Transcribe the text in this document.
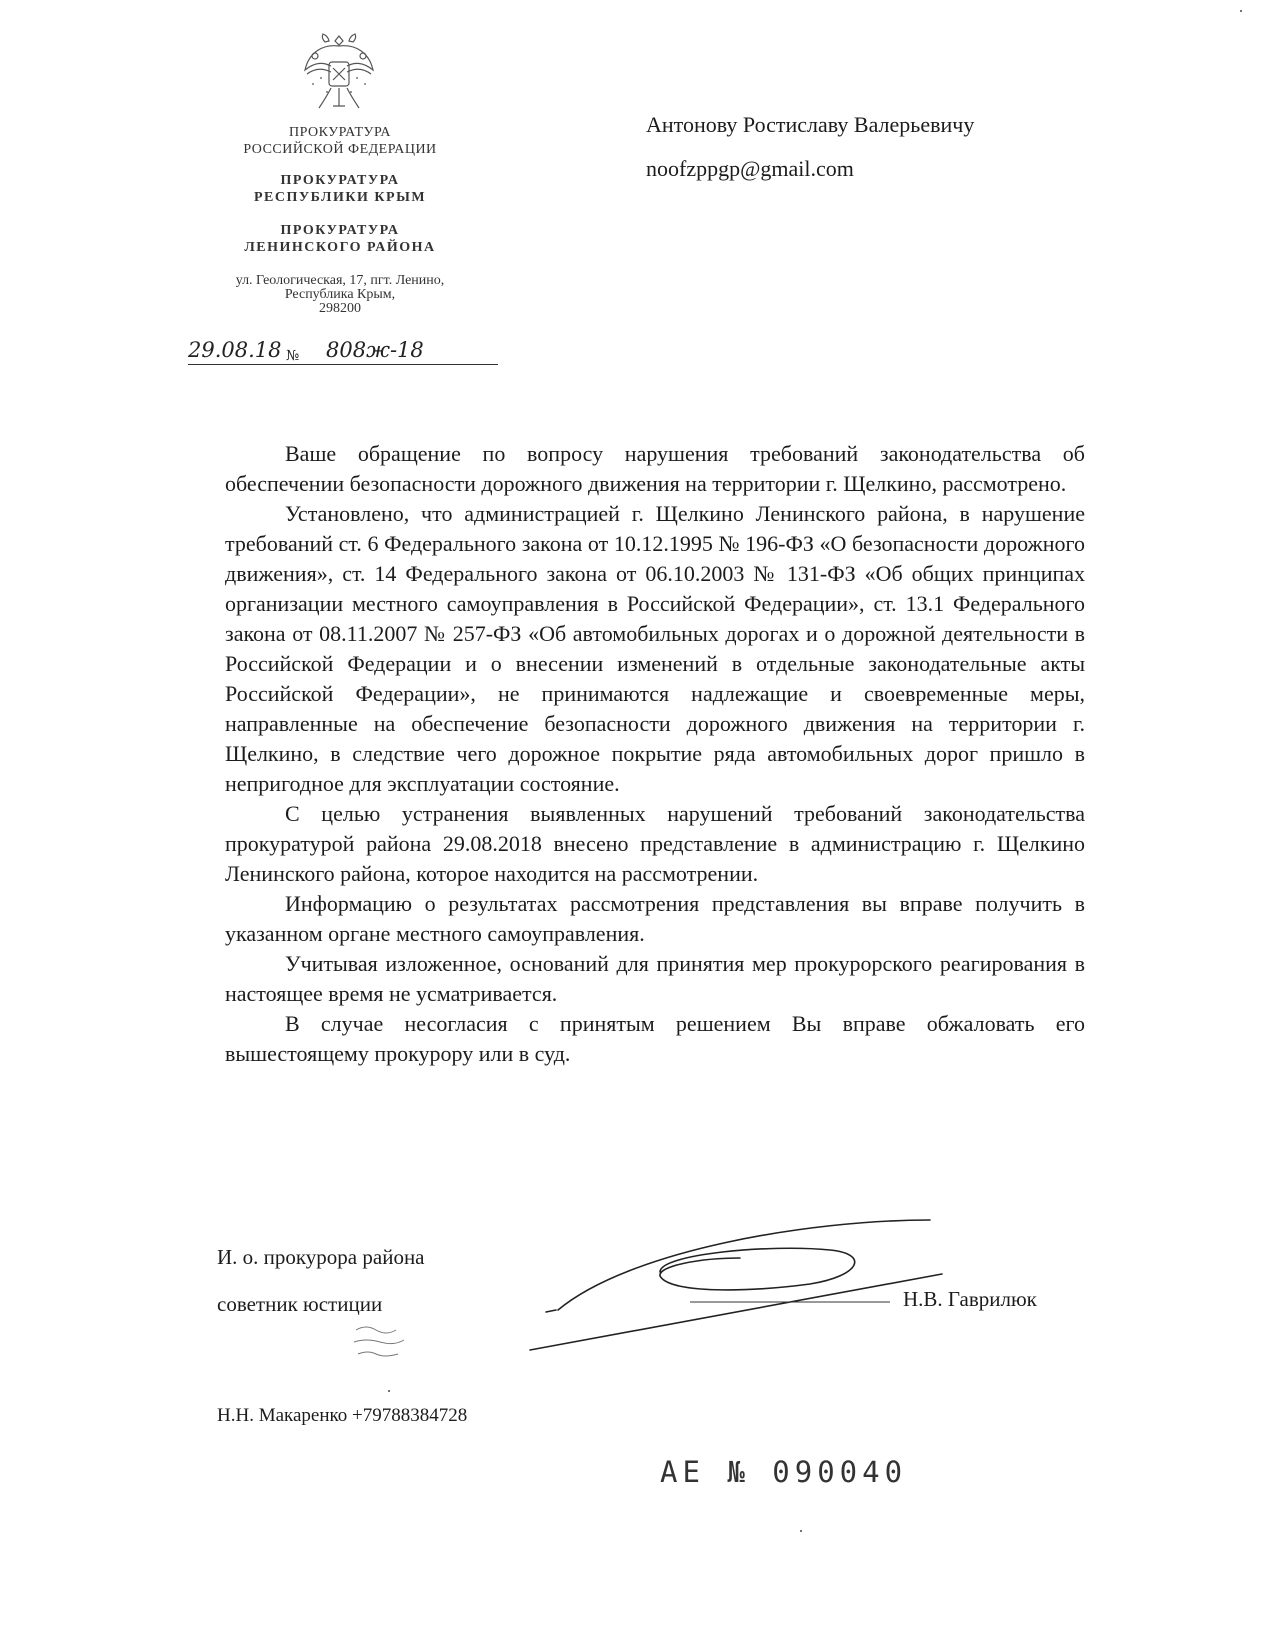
ПРОКУРАТУРА
РОССИЙСКОЙ ФЕДЕРАЦИИ
ПРОКУРАТУРА
РЕСПУБЛИКИ КРЫМ
ПРОКУРАТУРА
ЛЕНИНСКОГО РАЙОНА
ул. Геологическая, 17, пгт. Ленино,
Республика Крым,
298200
29.08.18 № 808ж-18
Антонову Ростиславу Валерьевичу
noofzppgp@gmail.com

Ваше обращение по вопросу нарушения требований законодательства об обеспечении безопасности дорожного движения на территории г. Щелкино, рассмотрено.

Установлено, что администрацией г. Щелкино Ленинского района, в нарушение требований ст. 6 Федерального закона от 10.12.1995 № 196-ФЗ «О безопасности дорожного движения», ст. 14 Федерального закона от 06.10.2003 № 131-ФЗ «Об общих принципах организации местного самоуправления в Российской Федерации», ст. 13.1 Федерального закона от 08.11.2007 № 257-ФЗ «Об автомобильных дорогах и о дорожной деятельности в Российской Федерации и о внесении изменений в отдельные законодательные акты Российской Федерации», не принимаются надлежащие и своевременные меры, направленные на обеспечение безопасности дорожного движения на территории г. Щелкино, в следствие чего дорожное покрытие ряда автомобильных дорог пришло в непригодное для эксплуатации состояние.

С целью устранения выявленных нарушений требований законодательства прокуратурой района 29.08.2018 внесено представление в администрацию г. Щелкино Ленинского района, которое находится на рассмотрении.

Информацию о результатах рассмотрения представления вы вправе получить в указанном органе местного самоуправления.

Учитывая изложенное, оснований для принятия мер прокурорского реагирования в настоящее время не усматривается.

В случае несогласия с принятым решением Вы вправе обжаловать его вышестоящему прокурору или в суд.

И. о. прокурора района
советник юстиции	Н.В. Гаврилюк
Н.Н. Макаренко +79788384728
АЕ № 090040
